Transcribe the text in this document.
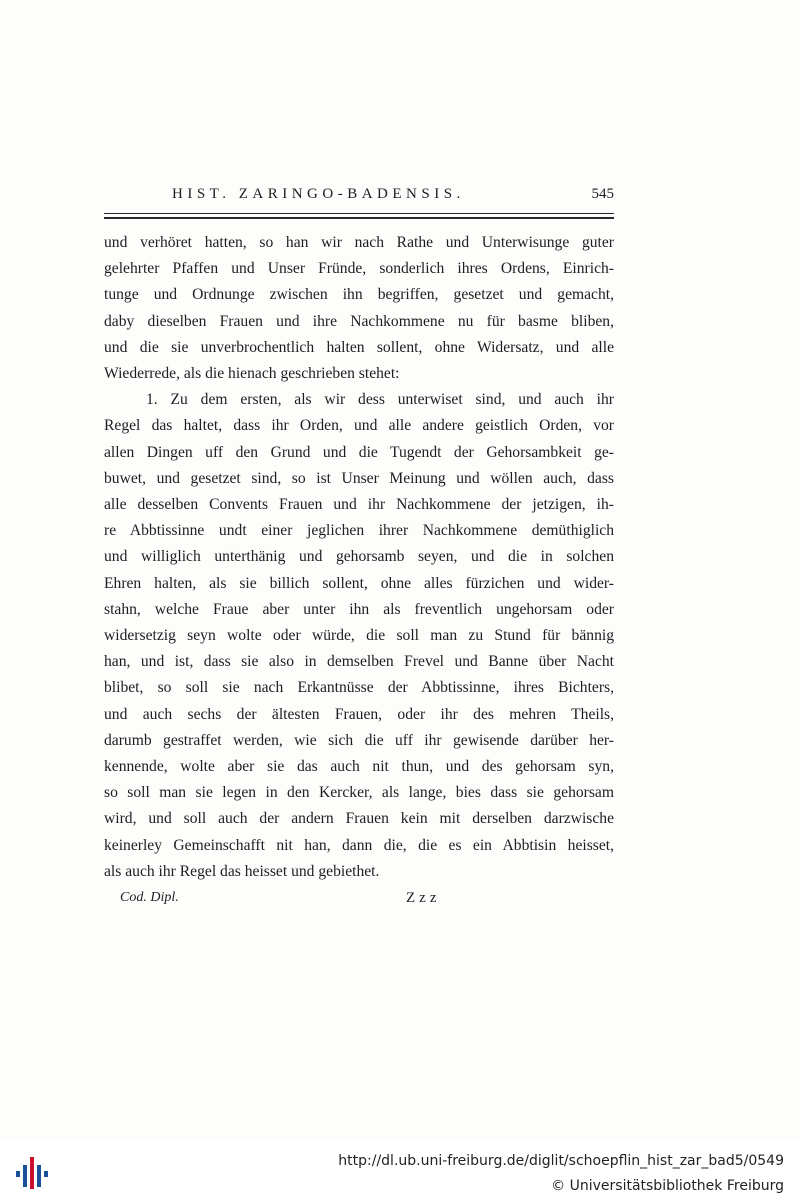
HIST. ZARINGO-BADENSIS.	545

und verhöret hatten, so han wir nach Rathe und Unterwisunge guter
gelehrter Pfaffen und Unser Fründe, sonderlich ihres Ordens, Einrich-
tunge und Ordnunge zwischen ihn begriffen, gesetzet und gemacht,
daby dieselben Frauen und ihre Nachkommene nu für basme bliben,
und die sie unverbrochentlich halten sollent, ohne Widersatz, und alle
Wiederrede, als die hienach geschrieben stehet:

1. Zu dem ersten, als wir dess unterwiset sind, und auch ihr
Regel das haltet, dass ihr Orden, und alle andere geistlich Orden, vor
allen Dingen uff den Grund und die Tugendt der Gehorsambkeit ge-
buwet, und gesetzet sind, so ist Unser Meinung und wöllen auch, dass
alle desselben Convents Frauen und ihr Nachkommene der jetzigen, ih-
re Abbtissinne undt einer jeglichen ihrer Nachkommene demüthiglich
und williglich unterthänig und gehorsamb seyen, und die in solchen
Ehren halten, als sie billich sollent, ohne alles fürzichen und wider-
stahn, welche Fraue aber unter ihn als freventlich ungehorsam oder
widersetzig seyn wolte oder würde, die soll man zu Stund für bännig
han, und ist, dass sie also in demselben Frevel und Banne über Nacht
blibet, so soll sie nach Erkantnüsse der Abbtissinne, ihres Bichters,
und auch sechs der ältesten Frauen, oder ihr des mehren Theils,
darumb gestraffet werden, wie sich die uff ihr gewisende darüber her-
kennende, wolte aber sie das auch nit thun, und des gehorsam syn,
so soll man sie legen in den Kercker, als lange, bies dass sie gehorsam
wird, und soll auch der andern Frauen kein mit derselben darzwische
keinerley Gemeinschafft nit han, dann die, die es ein Abbtisin heisset,
als auch ihr Regel das heisset und gebiethet.

Cod. Dipl.	Zzz
http://dl.ub.uni-freiburg.de/diglit/schoepflin_hist_zar_bad5/0549
© Universitätsbibliothek Freiburg
